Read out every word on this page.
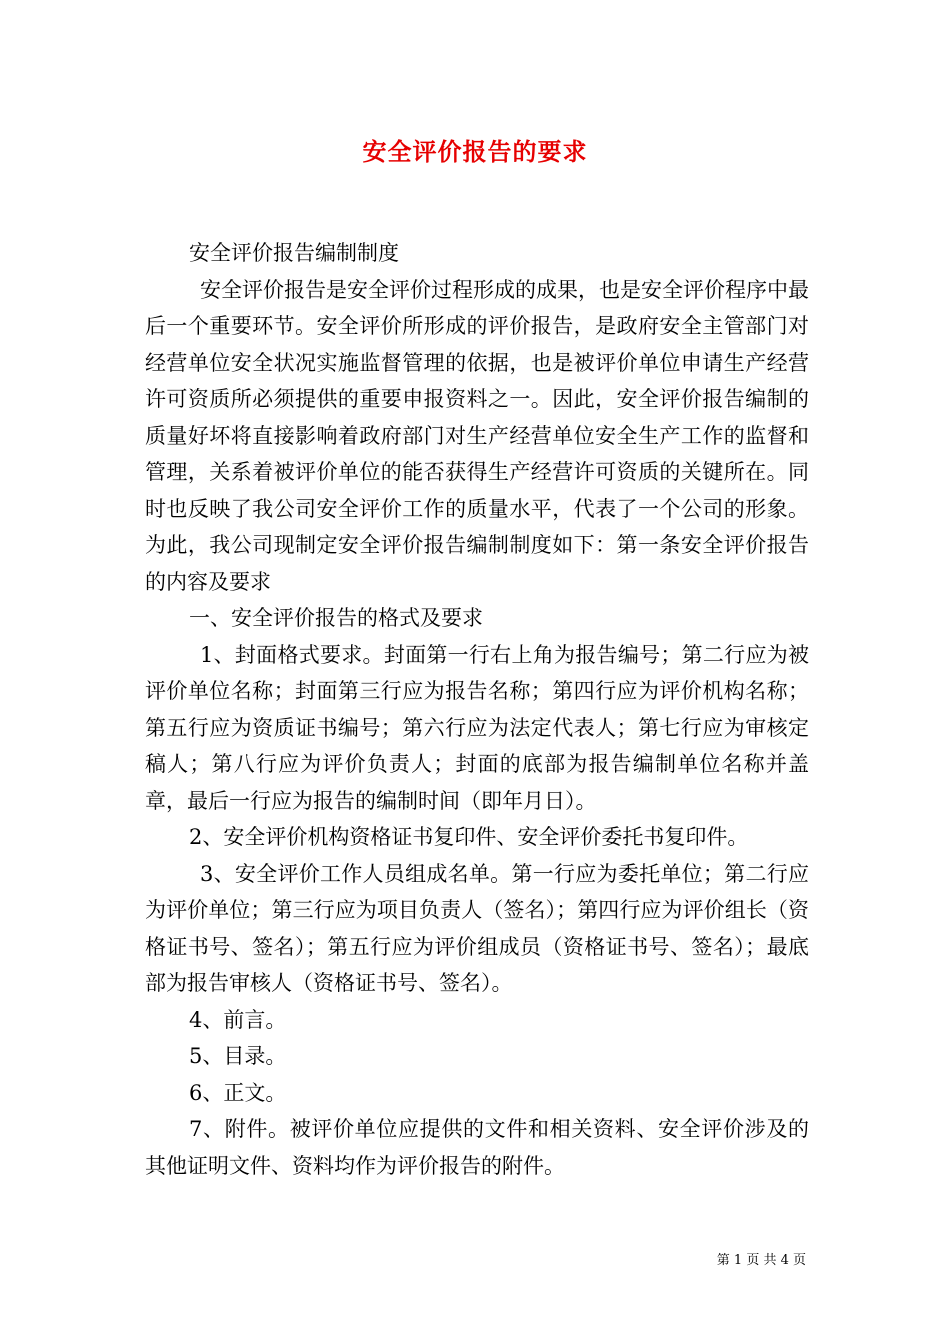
安全评价报告的要求

安全评价报告编制制度

安全评价报告是安全评价过程形成的成果，也是安全评价程序中最后一个重要环节。安全评价所形成的评价报告，是政府安全主管部门对经营单位安全状况实施监督管理的依据，也是被评价单位申请生产经营许可资质所必须提供的重要申报资料之一。因此，安全评价报告编制的质量好坏将直接影响着政府部门对生产经营单位安全生产工作的监督和管理，关系着被评价单位的能否获得生产经营许可资质的关键所在。同时也反映了我公司安全评价工作的质量水平，代表了一个公司的形象。为此，我公司现制定安全评价报告编制制度如下：第一条安全评价报告的内容及要求

一、安全评价报告的格式及要求

1、封面格式要求。封面第一行右上角为报告编号；第二行应为被评价单位名称；封面第三行应为报告名称；第四行应为评价机构名称；第五行应为资质证书编号；第六行应为法定代表人；第七行应为审核定稿人；第八行应为评价负责人；封面的底部为报告编制单位名称并盖章，最后一行应为报告的编制时间（即年月日）。

2、安全评价机构资格证书复印件、安全评价委托书复印件。

3、安全评价工作人员组成名单。第一行应为委托单位；第二行应为评价单位；第三行应为项目负责人（签名）；第四行应为评价组长（资格证书号、签名）；第五行应为评价组成员（资格证书号、签名）；最底部为报告审核人（资格证书号、签名）。

4、前言。

5、目录。

6、正文。

7、附件。被评价单位应提供的文件和相关资料、安全评价涉及的其他证明文件、资料均作为评价报告的附件。

第 1 页 共 4 页
